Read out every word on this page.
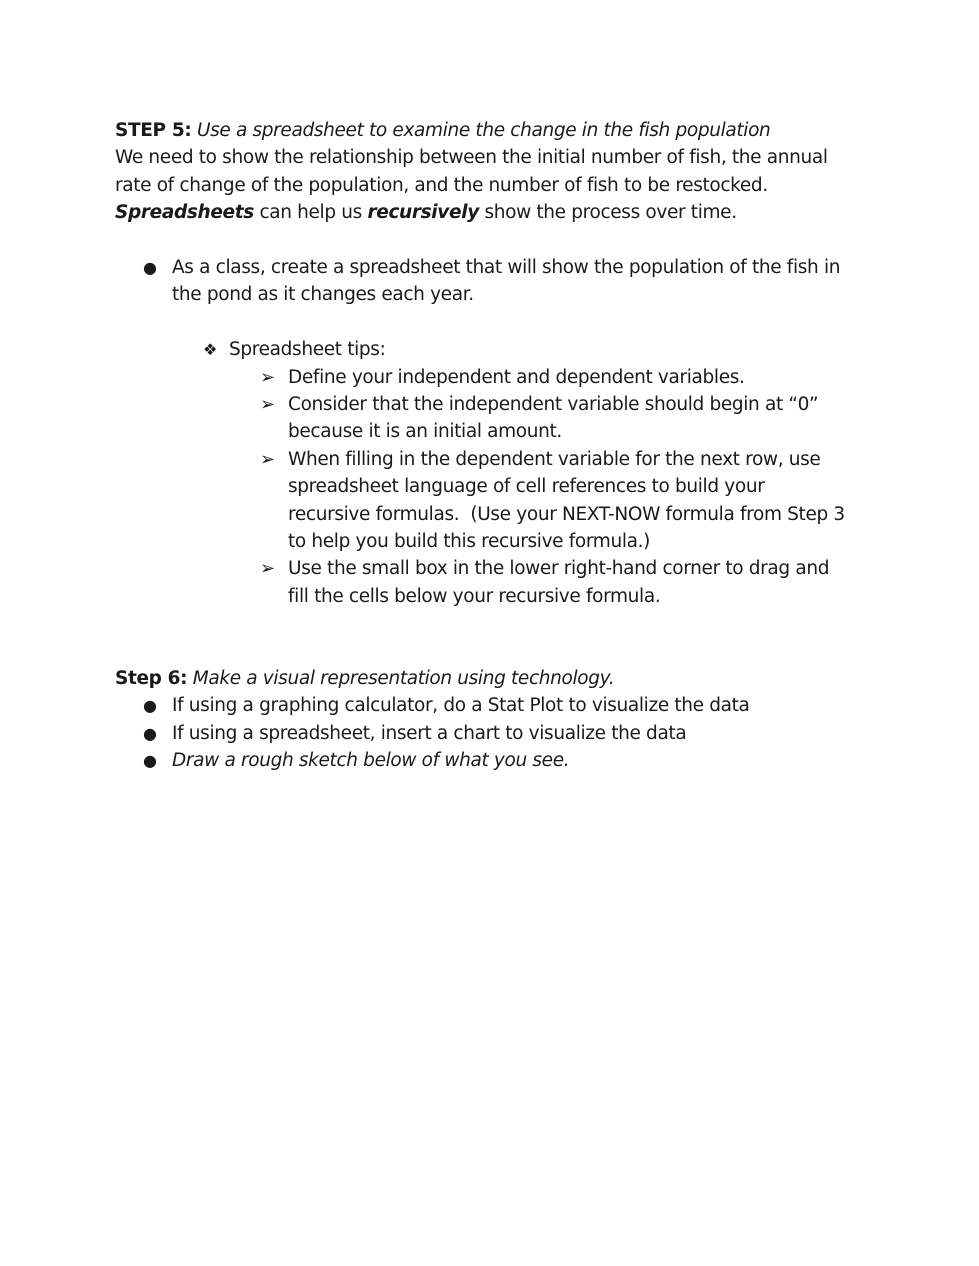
STEP 5: Use a spreadsheet to examine the change in the fish population
We need to show the relationship between the initial number of fish, the annual
rate of change of the population, and the number of fish to be restocked.
Spreadsheets can help us recursively show the process over time.
● As a class, create a spreadsheet that will show the population of the fish in
the pond as it changes each year.
❖ Spreadsheet tips:
➢ Define your independent and dependent variables.
➢ Consider that the independent variable should begin at “0”
because it is an initial amount.
➢ When filling in the dependent variable for the next row, use
spreadsheet language of cell references to build your
recursive formulas.  (Use your NEXT-NOW formula from Step 3
to help you build this recursive formula.)
➢ Use the small box in the lower right-hand corner to drag and
fill the cells below your recursive formula.
Step 6: Make a visual representation using technology.
● If using a graphing calculator, do a Stat Plot to visualize the data
● If using a spreadsheet, insert a chart to visualize the data
● Draw a rough sketch below of what you see.
